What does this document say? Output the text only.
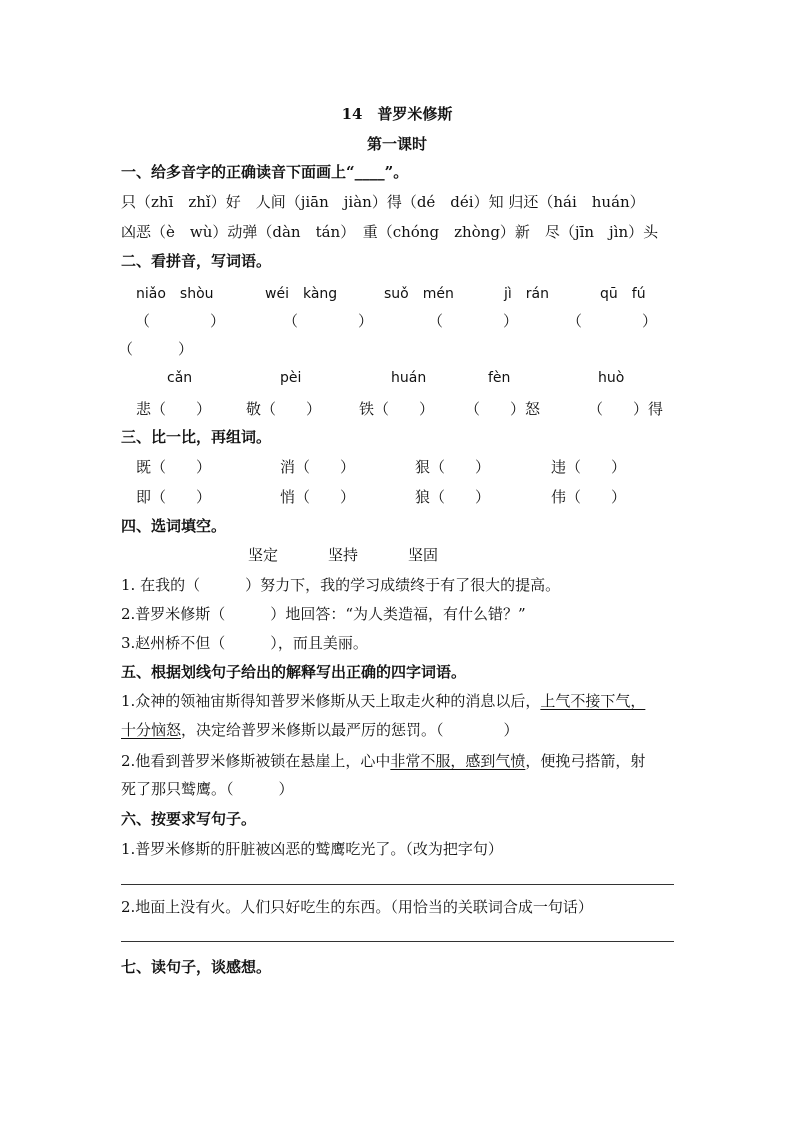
14　普罗米修斯
第一课时
一、给多音字的正确读音下面画上“____”。
只（zhī　zhǐ）好　人间（jiān　jiàn）得（dé　déi）知 归还（hái　huán）
凶恶（è　wù）动弹（dàn　tán）　重（chóng　zhòng）新　尽（jīn　jìn）头
二、看拼音，写词语。
niǎo　shòu	wéi　kàng	suǒ　mén	jì　rán	qū　fú
（　　　　）	（　　　　）	（　　　　）	（　　　　）
（　　　）
cǎn	pèi	huán	fèn	huò
悲（　　） 敬（　　）	铁（　　） （　　）怒	（　　）得
三、比一比，再组词。
既（　　）	消（　　）	狠（　　）	违（　　）
即（　　）	悄（　　）	狼（　　）	伟（　　）
四、选词填空。
坚定	坚持	坚固
1. 在我的（　　　）努力下，我的学习成绩终于有了很大的提高。
2.普罗米修斯（　　　）地回答：“为人类造福，有什么错？”
3.赵州桥不但（　　　），而且美丽。
五、根据划线句子给出的解释写出正确的四字词语。
1.众神的领袖宙斯得知普罗米修斯从天上取走火种的消息以后，上气不接下气，
十分恼怒，决定给普罗米修斯以最严厉的惩罚。（　　　　）
2.他看到普罗米修斯被锁在悬崖上，心中非常不服，感到气愤，便挽弓搭箭，射
死了那只鹫鹰。（　　　）
六、按要求写句子。
1.普罗米修斯的肝脏被凶恶的鹫鹰吃光了。（改为把字句）
2.地面上没有火。人们只好吃生的东西。（用恰当的关联词合成一句话）
七、读句子，谈感想。
